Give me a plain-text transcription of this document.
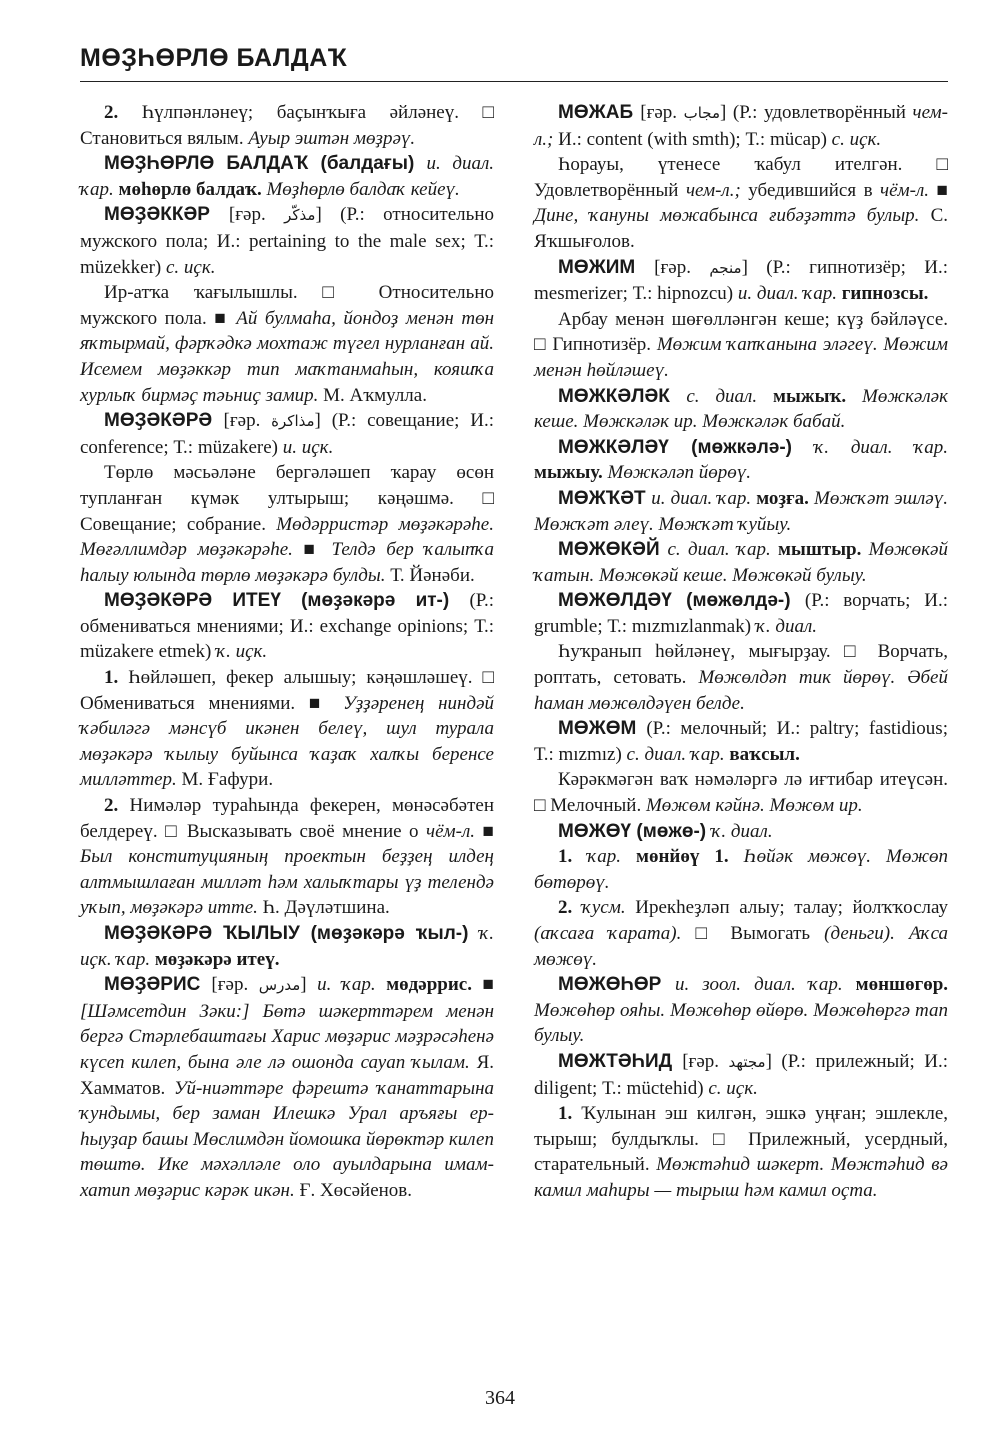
МӨҘҺӨРЛӨ БАЛДАҠ

2. Һүлпәнләнеү; баҫынҡыға әйләнеү. □ Становиться вялым. Ауыр эштән мөҙрәү.

МӨҘҺӨРЛӨ БАЛДАҠ (балдағы) и. диал. ҡар. мөһөрлө балдаҡ. Мөҙһөрлө балдаҡ кейеү.

МӨҘӘККӘР [ғәр. مذكّر] (Р.: относительно мужского пола; И.: pertaining to the male sex; Т.: müzekker) с. иҫк.

Ир-атҡа ҡағылышлы. □ Относительно мужского пола. ■ Ай булмаһа, йондоҙ менән төн яҡтырмай, фәрҡәдкә мохтаж түгел нурланған ай. Исемем мөҙәккәр тип маҡтанмаһын, кояшҡа хурлыҡ бирмәҫ тәьниҫ замир. М. Аҡмулла.

МӨҘӘКӘРӘ [ғәр. مذاكرة] (Р.: совещание; И.: conference; Т.: müzakere) и. иҫк.

Төрлө мәсьәләне бергәләшеп ҡарау өсөн тупланған күмәк ултырыш; кәңәшмә. □ Совещание; собрание. Мөдәрристәр мөҙәкәрәһе. Мөғәллимдәр мөҙәкәрәһе. ■ Телдә бер ҡалыпҡа һалыу юлында төрлө мөҙәкәрә булды. Т. Йәнәби.

МӨҘӘКӘРӘ ИТЕҮ (мөҙәкәрә ит-) (Р.: обмениваться мнениями; И.: exchange opinions; Т.: müzakere etmek) ҡ. иҫк.

1. Һөйләшеп, фекер алышыу; кәңәшләшеү. □ Обмениваться мнениями. ■ Уҙҙәренең ниндәй ҡәбиләгә мәнсүб икәнен белеү, шул турала мөҙәкәрә ҡылыу буйынса ҡаҙаҡ халҡы беренсе милләттер. М. Ғафури.

2. Нимәләр тураһында фекерен, мөнәсәбәтен белдереү. □ Высказывать своё мнение о чём-л. ■ Был конституцияның проектын беҙҙең илдең алтмышлаған милләт һәм халыҡтары үҙ телендә уҡып, мөҙәкәрә итте. Һ. Дәүләтшина.

МӨҘӘКӘРӘ ҠЫЛЫУ (мөҙәкәрә ҡыл-) ҡ. иҫк. ҡар. мөҙәкәрә итеү.

МӨҘӘРИС [ғәр. مدرس] и. ҡар. мөдәррис. ■ [Шәмсетдин Зәки:] Бөтә шәкерттәрем менән бергә Стәрлебаштағы Харис мөҙәрис мәҙрәсәһенә күсеп килеп, бына әле лә ошонда сауап ҡылам. Я. Хамматов. Уй-ниәттәре фәрештә ҡанаттарына ҡундымы, бер заман Илешкә Урал аръяғы ер-һыуҙар башы Мөслимдән йомошка йөрөктәр килеп төштө. Ике мәхәлләле оло ауылдарына имам-хатип мөҙәрис кәрәк икән. Ғ. Хөсәйенов.

МӨЖАБ [ғәр. مجاب] (Р.: удовлетворённый чем-л.; И.: content (with smth); Т.: mücap) с. иҫк.

Һорауы, үтенесе ҡабул ителгән. □ Удовлетворённый чем-л.; убедившийся в чём-л. ■ Дине, ҡануны мөжабынса ғибәҙәттә булыр. С. Яҡшығолов.

МӨЖИМ [ғәр. منجم] (Р.: гипнотизёр; И.: mesmerizer; Т.: hipnozcu) и. диал. ҡар. гипнозсы.

Арбау менән шөғөлләнгән кеше; күҙ бәйләүсе. □ Гипнотизёр. Мөжим ҡапҡанына эләгеү. Мөжим менән һөйләшеү.

МӨЖКӘЛӘК с. диал. мыжыҡ. Мөжкәләк кеше. Мөжкәләк ир. Мөжкәләк бабай.

МӨЖКӘЛӘҮ (мөжкәлә-) ҡ. диал. ҡар. мыжыу. Мөжкәләп йөрөү.

МӨЖҠӘТ и. диал. ҡар. моҙға. Мөжҡәт эшләү. Мөжҡәт әлеү. Мөжҡәт ҡуйыу.

МӨЖӨКӘЙ с. диал. ҡар. мыштыр. Мөжөкәй ҡатын. Мөжөкәй кеше. Мөжөкәй булыу.

МӨЖӨЛДӘҮ (мөжөлдә-) (Р.: ворчать; И.: grumble; Т.: mızmızlanmak) ҡ. диал.

Һуҡранып һөйләнеү, мығырҙау. □ Ворчать, роптать, сетовать. Мөжөлдәп тик йөрөү. Әбей һаман мөжөлдәүен белде.

МӨЖӨМ (Р.: мелочный; И.: paltry; fastidious; Т.: mızmız) с. диал. ҡар. ваҡсыл.

Кәрәкмәгән ваҡ нәмәләргә лә иғтибар итеүсән. □ Мелочный. Мөжөм кәйнә. Мөжөм ир.

МӨЖӨҮ (мөжө-) ҡ. диал.

1. ҡар. мөнйөү 1. Һөйәк мөжөү. Мөжөп бөтөрөү.

2. ҡусм. Ирекһеҙләп алыу; талау; йолҡҡослау (аҡсаға ҡарата). □ Вымогать (деньги). Аҡса мөжөү.

МӨЖӨҺӨР и. зоол. диал. ҡар. мөншөгөр. Мөжөһөр ояһы. Мөжөһөр өйөрө. Мөжөһөргә тап булыу.

МӨЖТӘҺИД [ғәр. مجتهد] (Р.: прилежный; И.: diligent; Т.: müctehid) с. иҫк.

1. Ҡулынан эш килгән, эшкә уңған; эшлекле, тырыш; булдыҡлы. □ Прилежный, усердный, старательный. Мөжтәһид шәкерт. Мөжтәһид вә камил маһиры — тырыш һәм камил оҫта.

364
